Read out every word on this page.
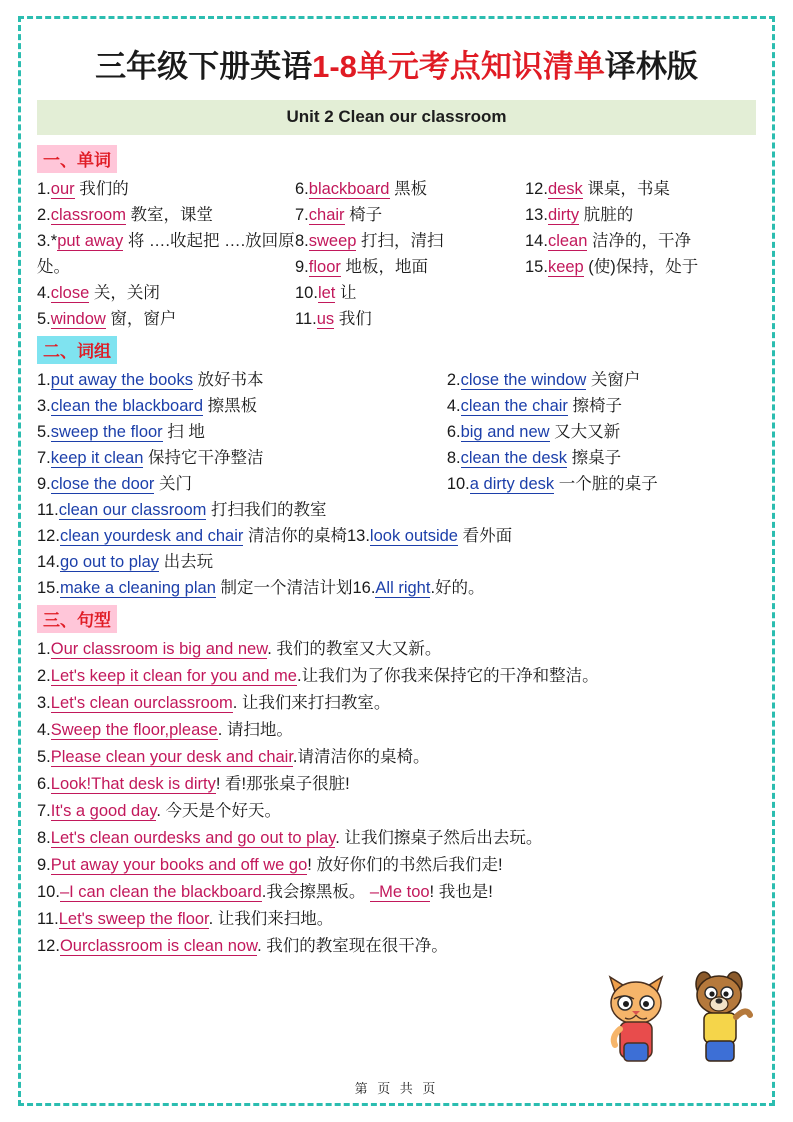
三年级下册英语1-8单元考点知识清单译林版
Unit 2 Clean our classroom
一、单词
1.our 我们的
2.classroom 教室，课堂
3.*put away 将 ….收起把 ….放回原处。
4.close 关，关闭
5.window 窗，窗户
6.blackboard 黑板
7.chair 椅子
8.sweep 打扫，清扫
9.floor 地板，地面
10.let 让
11.us 我们
12.desk 课桌，书桌
13.dirty 肮脏的
14.clean 洁净的，干净
15.keep (使)保持，处于
二、词组
1.put away the books 放好书本	2.close the window 关窗户

3.clean the blackboard 擦黑板	4.clean the chair 擦椅子

5.sweep the floor 扫 地	6.big and new 又大又新

7.keep it clean 保持它干净整洁	8.clean the desk 擦桌子

9.close the door 关门	10.a dirty desk 一个脏的桌子
11.clean our classroom 打扫我们的教室
12.clean yourdesk and chair 清洁你的桌椅13.look outside 看外面
14.go out to play 出去玩
15.make a cleaning plan 制定一个清洁计划16.All right.好的。
三、句型
1.Our classroom is big and new. 我们的教室又大又新。
2.Let's keep it clean for you and me.让我们为了你我来保持它的干净和整洁。
3.Let's clean ourclassroom. 让我们来打扫教室。
4.Sweep the floor,please. 请扫地。
5.Please clean your desk and chair.请清洁你的桌椅。
6.Look!That desk is dirty! 看!那张桌子很脏!
7.It's a good day. 今天是个好天。
8.Let's clean ourdesks and go out to play. 让我们擦桌子然后出去玩。
9.Put away your books and off we go! 放好你们的书然后我们走!
10.–I can clean the blackboard.我会擦黑板。 –Me too! 我也是!
11.Let's sweep the floor. 让我们来扫地。
12.Ourclassroom is clean now. 我们的教室现在很干净。
第 页 共 页
